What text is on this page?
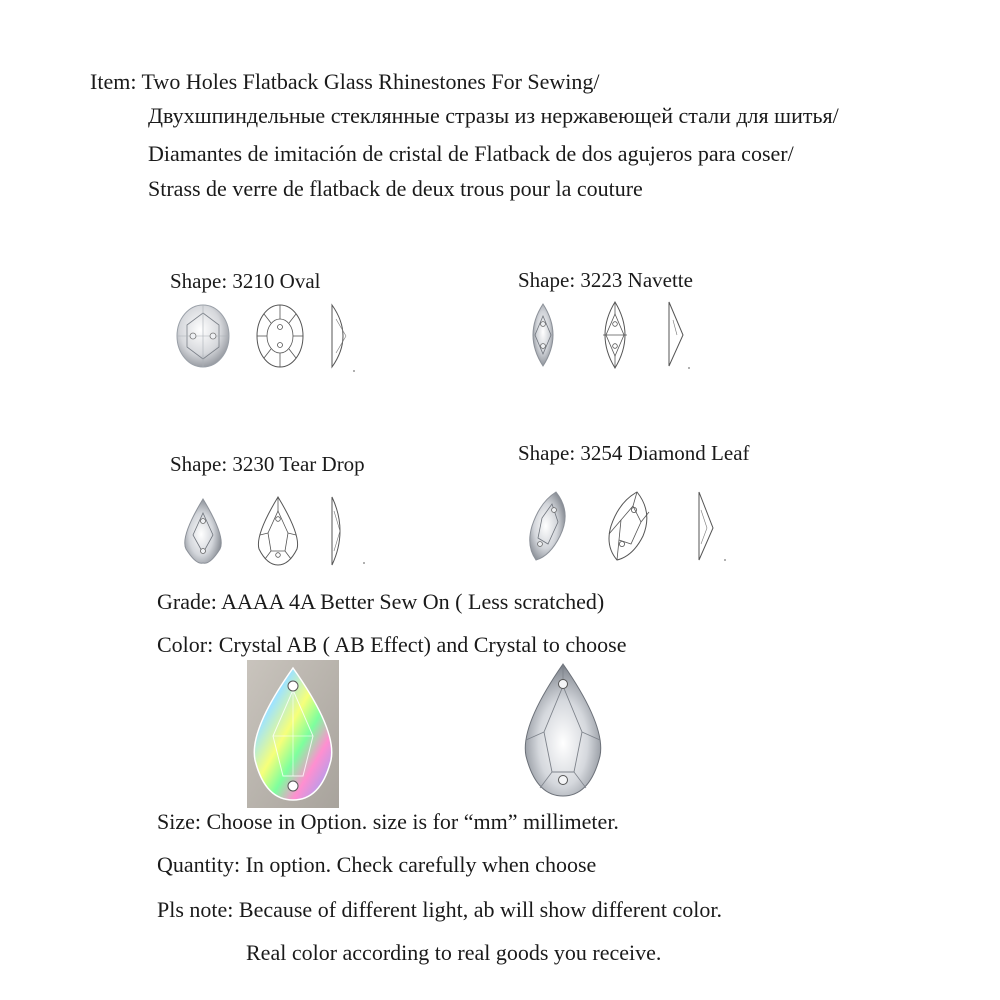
Item: Two Holes Flatback Glass Rhinestones For Sewing/
Двухшпиндельные стеклянные стразы из нержавеющей стали для шитья/
Diamantes de imitación de cristal de Flatback de dos agujeros para coser/
Strass de verre de flatback de deux trous pour la couture
Shape: 3210 Oval	Shape: 3223 Navette
Shape: 3230 Tear Drop	Shape: 3254 Diamond Leaf
Grade: AAAA 4A Better Sew On ( Less scratched)
Color: Crystal AB ( AB Effect) and Crystal to choose
Size: Choose in Option. size is for “mm” millimeter.
Quantity: In option. Check carefully when choose
Pls note: Because of different light, ab will show different color.
Real color according to real goods you receive.
